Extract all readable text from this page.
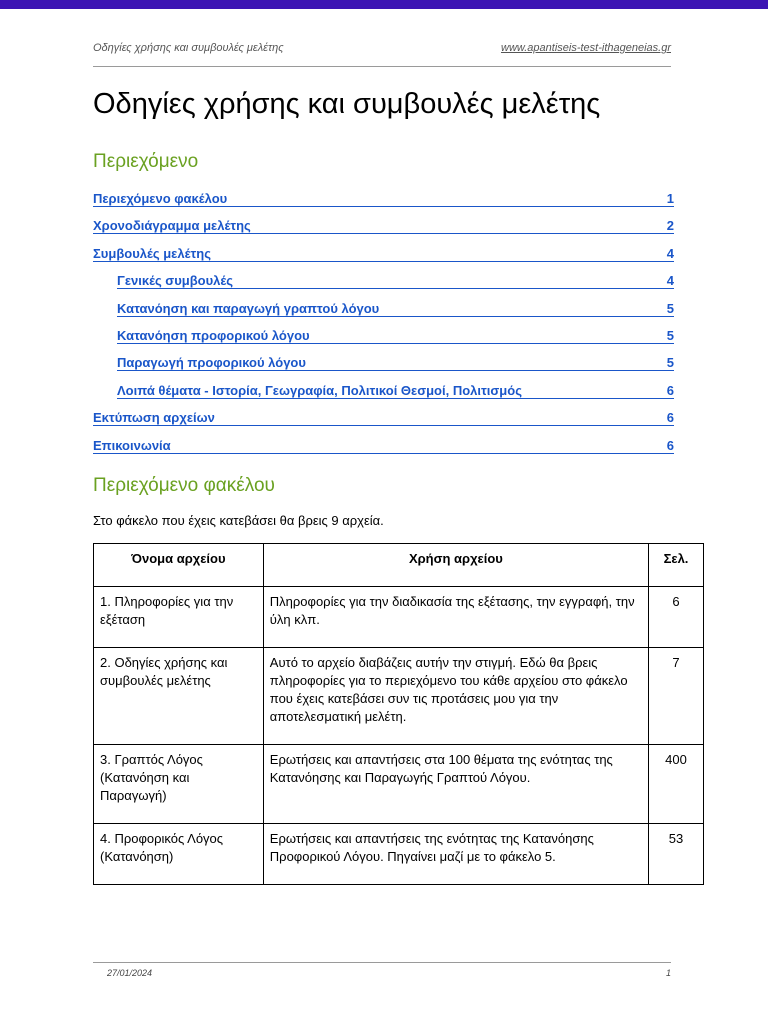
Οδηγίες χρήσης και συμβουλές μελέτης	www.apantiseis-test-ithageneias.gr
Οδηγίες χρήσης και συμβουλές μελέτης
Περιεχόμενο
Περιεχόμενο φακέλου	1
Χρονοδιάγραμμα μελέτης	2
Συμβουλές μελέτης	4
Γενικές συμβουλές	4
Κατανόηση και παραγωγή γραπτού λόγου	5
Κατανόηση προφορικού λόγου	5
Παραγωγή προφορικού λόγου	5
Λοιπά θέματα - Ιστορία, Γεωγραφία, Πολιτικοί Θεσμοί, Πολιτισμός	6
Εκτύπωση αρχείων	6
Επικοινωνία	6
Περιεχόμενο φακέλου

Στο φάκελο που έχεις κατεβάσει θα βρεις 9 αρχεία.

Όνομα αρχείου	Χρήση αρχείου	Σελ.
1. Πληροφορίες για την εξέταση	Πληροφορίες για την διαδικασία της εξέτασης, την εγγραφή, την ύλη κλπ.	6
2. Οδηγίες χρήσης και συμβουλές μελέτης	Αυτό το αρχείο διαβάζεις αυτήν την στιγμή. Εδώ θα βρεις πληροφορίες για το περιεχόμενο του κάθε αρχείου στο φάκελο που έχεις κατεβάσει συν τις προτάσεις μου για την αποτελεσματική μελέτη.	7
3. Γραπτός Λόγος (Κατανόηση και Παραγωγή)	Ερωτήσεις και απαντήσεις στα 100 θέματα της ενότητας της Κατανόησης και Παραγωγής Γραπτού Λόγου.	400
4. Προφορικός Λόγος (Κατανόηση)	Ερωτήσεις και απαντήσεις της ενότητας της Κατανόησης Προφορικού Λόγου. Πηγαίνει μαζί με το φάκελο 5.	53
27/01/2024	1
